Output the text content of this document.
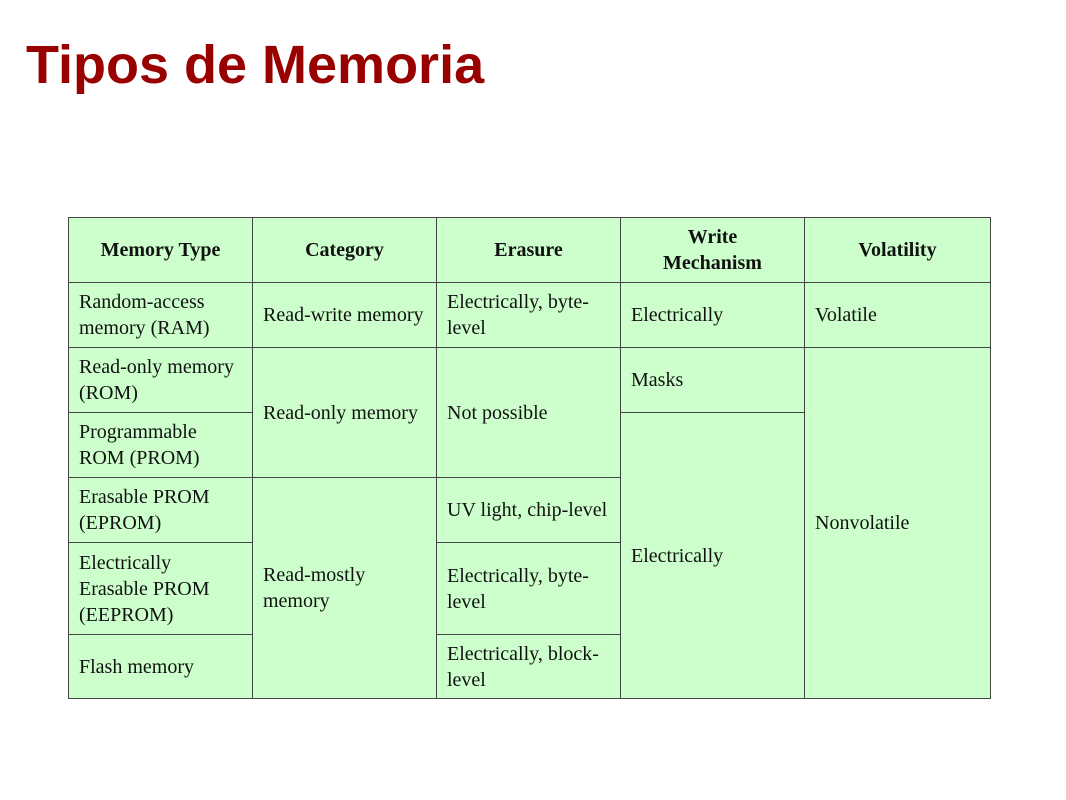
Tipos de Memoria
Memory Type	Category	Erasure	Write Mechanism	Volatility
Random-access memory (RAM)	Read-write memory	Electrically, byte-level	Electrically	Volatile
Read-only memory (ROM)	Read-only memory	Not possible	Masks	Nonvolatile
Programmable ROM (PROM)			Electrically	
Erasable PROM (EPROM)	Read-mostly memory	UV light, chip-level		
Electrically Erasable PROM (EEPROM)		Electrically, byte-level		
Flash memory		Electrically, block-level		
